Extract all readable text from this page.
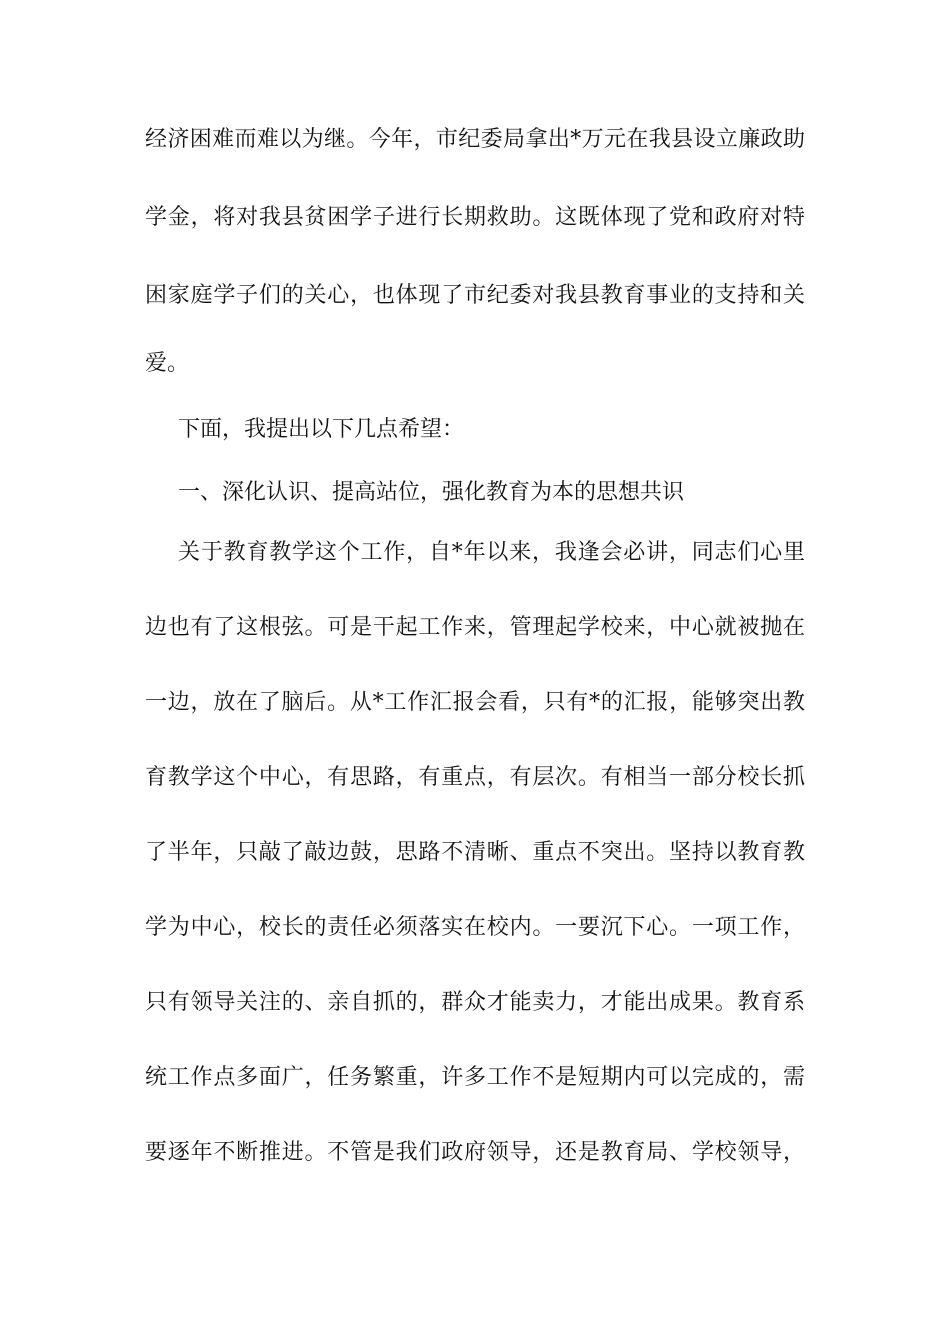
经济困难而难以为继。今年，市纪委局拿出*万元在我县设立廉政助
学金，将对我县贫困学子进行长期救助。这既体现了党和政府对特
困家庭学子们的关心，也体现了市纪委对我县教育事业的支持和关
爱。
下面，我提出以下几点希望：
一、深化认识、提高站位，强化教育为本的思想共识
关于教育教学这个工作，自*年以来，我逢会必讲，同志们心里
边也有了这根弦。可是干起工作来，管理起学校来，中心就被抛在
一边，放在了脑后。从*工作汇报会看，只有*的汇报，能够突出教
育教学这个中心，有思路，有重点，有层次。有相当一部分校长抓
了半年，只敲了敲边鼓，思路不清晰、重点不突出。坚持以教育教
学为中心，校长的责任必须落实在校内。一要沉下心。一项工作，
只有领导关注的、亲自抓的，群众才能卖力，才能出成果。教育系
统工作点多面广，任务繁重，许多工作不是短期内可以完成的，需
要逐年不断推进。不管是我们政府领导，还是教育局、学校领导，
